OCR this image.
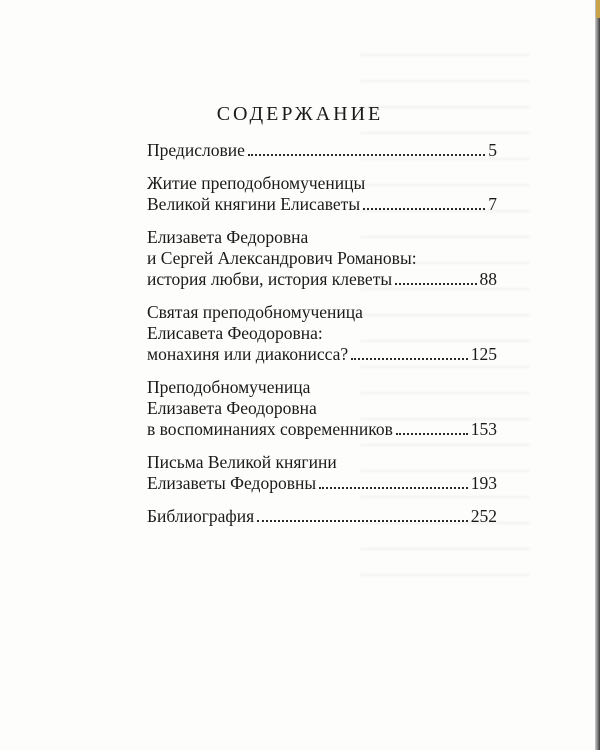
СОДЕРЖАНИЕ
Предисловие	5
Житие преподобномученицы
Великой княгини Елисаветы	7
Елизавета Федоровна
и Сергей Александрович Романовы:
история любви, история клеветы	88
Святая преподобномученица
Елисавета Феодоровна:
монахиня или диаконисса?	125
Преподобномученица
Елизавета Феодоровна
в воспоминаниях современников	153
Письма Великой княгини
Елизаветы Федоровны	193
Библиография	252
